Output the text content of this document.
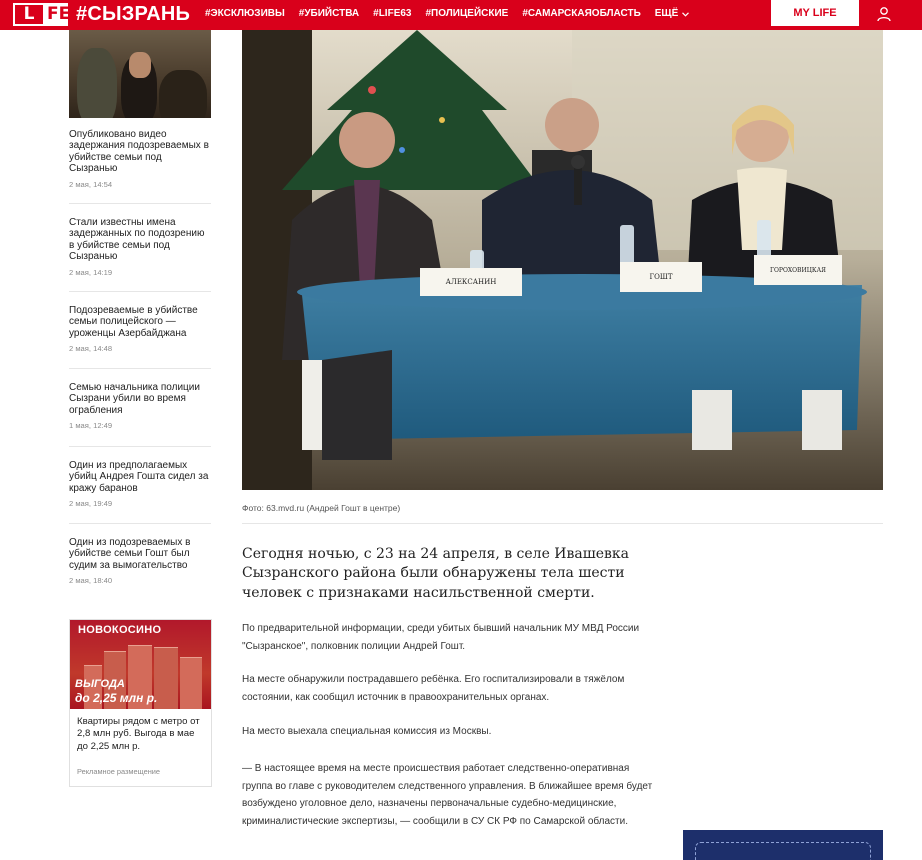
L FE #СЫЗРАНЬ #ЭКСКЛЮЗИВЫ #УБИЙСТВА #LIFE63 #ПОЛИЦЕЙСКИЕ #САМАРСКАЯОБЛАСТЬ ЕЩЁ	MY LIFE
Опубликовано видео задержания подозреваемых в убийстве семьи под Сызранью
2 мая, 14:54
Стали известны имена задержанных по подозрению в убийстве семьи под Сызранью
2 мая, 14:19
Подозреваемые в убийстве семьи полицейского — уроженцы Азербайджана
2 мая, 14:48
Семью начальника полиции Сызрани убили во время ограбления
1 мая, 12:49
Один из предполагаемых убийц Андрея Гошта сидел за кражу баранов
2 мая, 19:49
Один из подозреваемых в убийстве семьи Гошт был судим за вымогательство
2 мая, 18:40
НОВОКОСИНО
ВЫГОДА
до 2,25 млн р.
Квартиры рядом с метро от 2,8 млн руб. Выгода в мае до 2,25 млн р.
Рекламное размещение
АЛЕКСАНИН
ГОШТ
ГОРОХОВИЦКАЯ
Фото: 63.mvd.ru (Андрей Гошт в центре)
Сегодня ночью, с 23 на 24 апреля, в селе Ивашевка Сызранского района были обнаружены тела шести человек с признаками насильственной смерти.
По предварительной информации, среди убитых бывший начальник МУ МВД России "Сызранское", полковник полиции Андрей Гошт.
На месте обнаружили пострадавшего ребёнка. Его госпитализировали в тяжёлом состоянии, как сообщил источник в правоохранительных органах.
На место выехала специальная комиссия из Москвы.
— В настоящее время на месте происшествия работает следственно-оперативная группа во главе с руководителем следственного управления. В ближайшее время будет возбуждено уголовное дело, назначены первоначальные судебно-медицинские, криминалистические экспертизы, — сообщили в СУ СК РФ по Самарской области.
